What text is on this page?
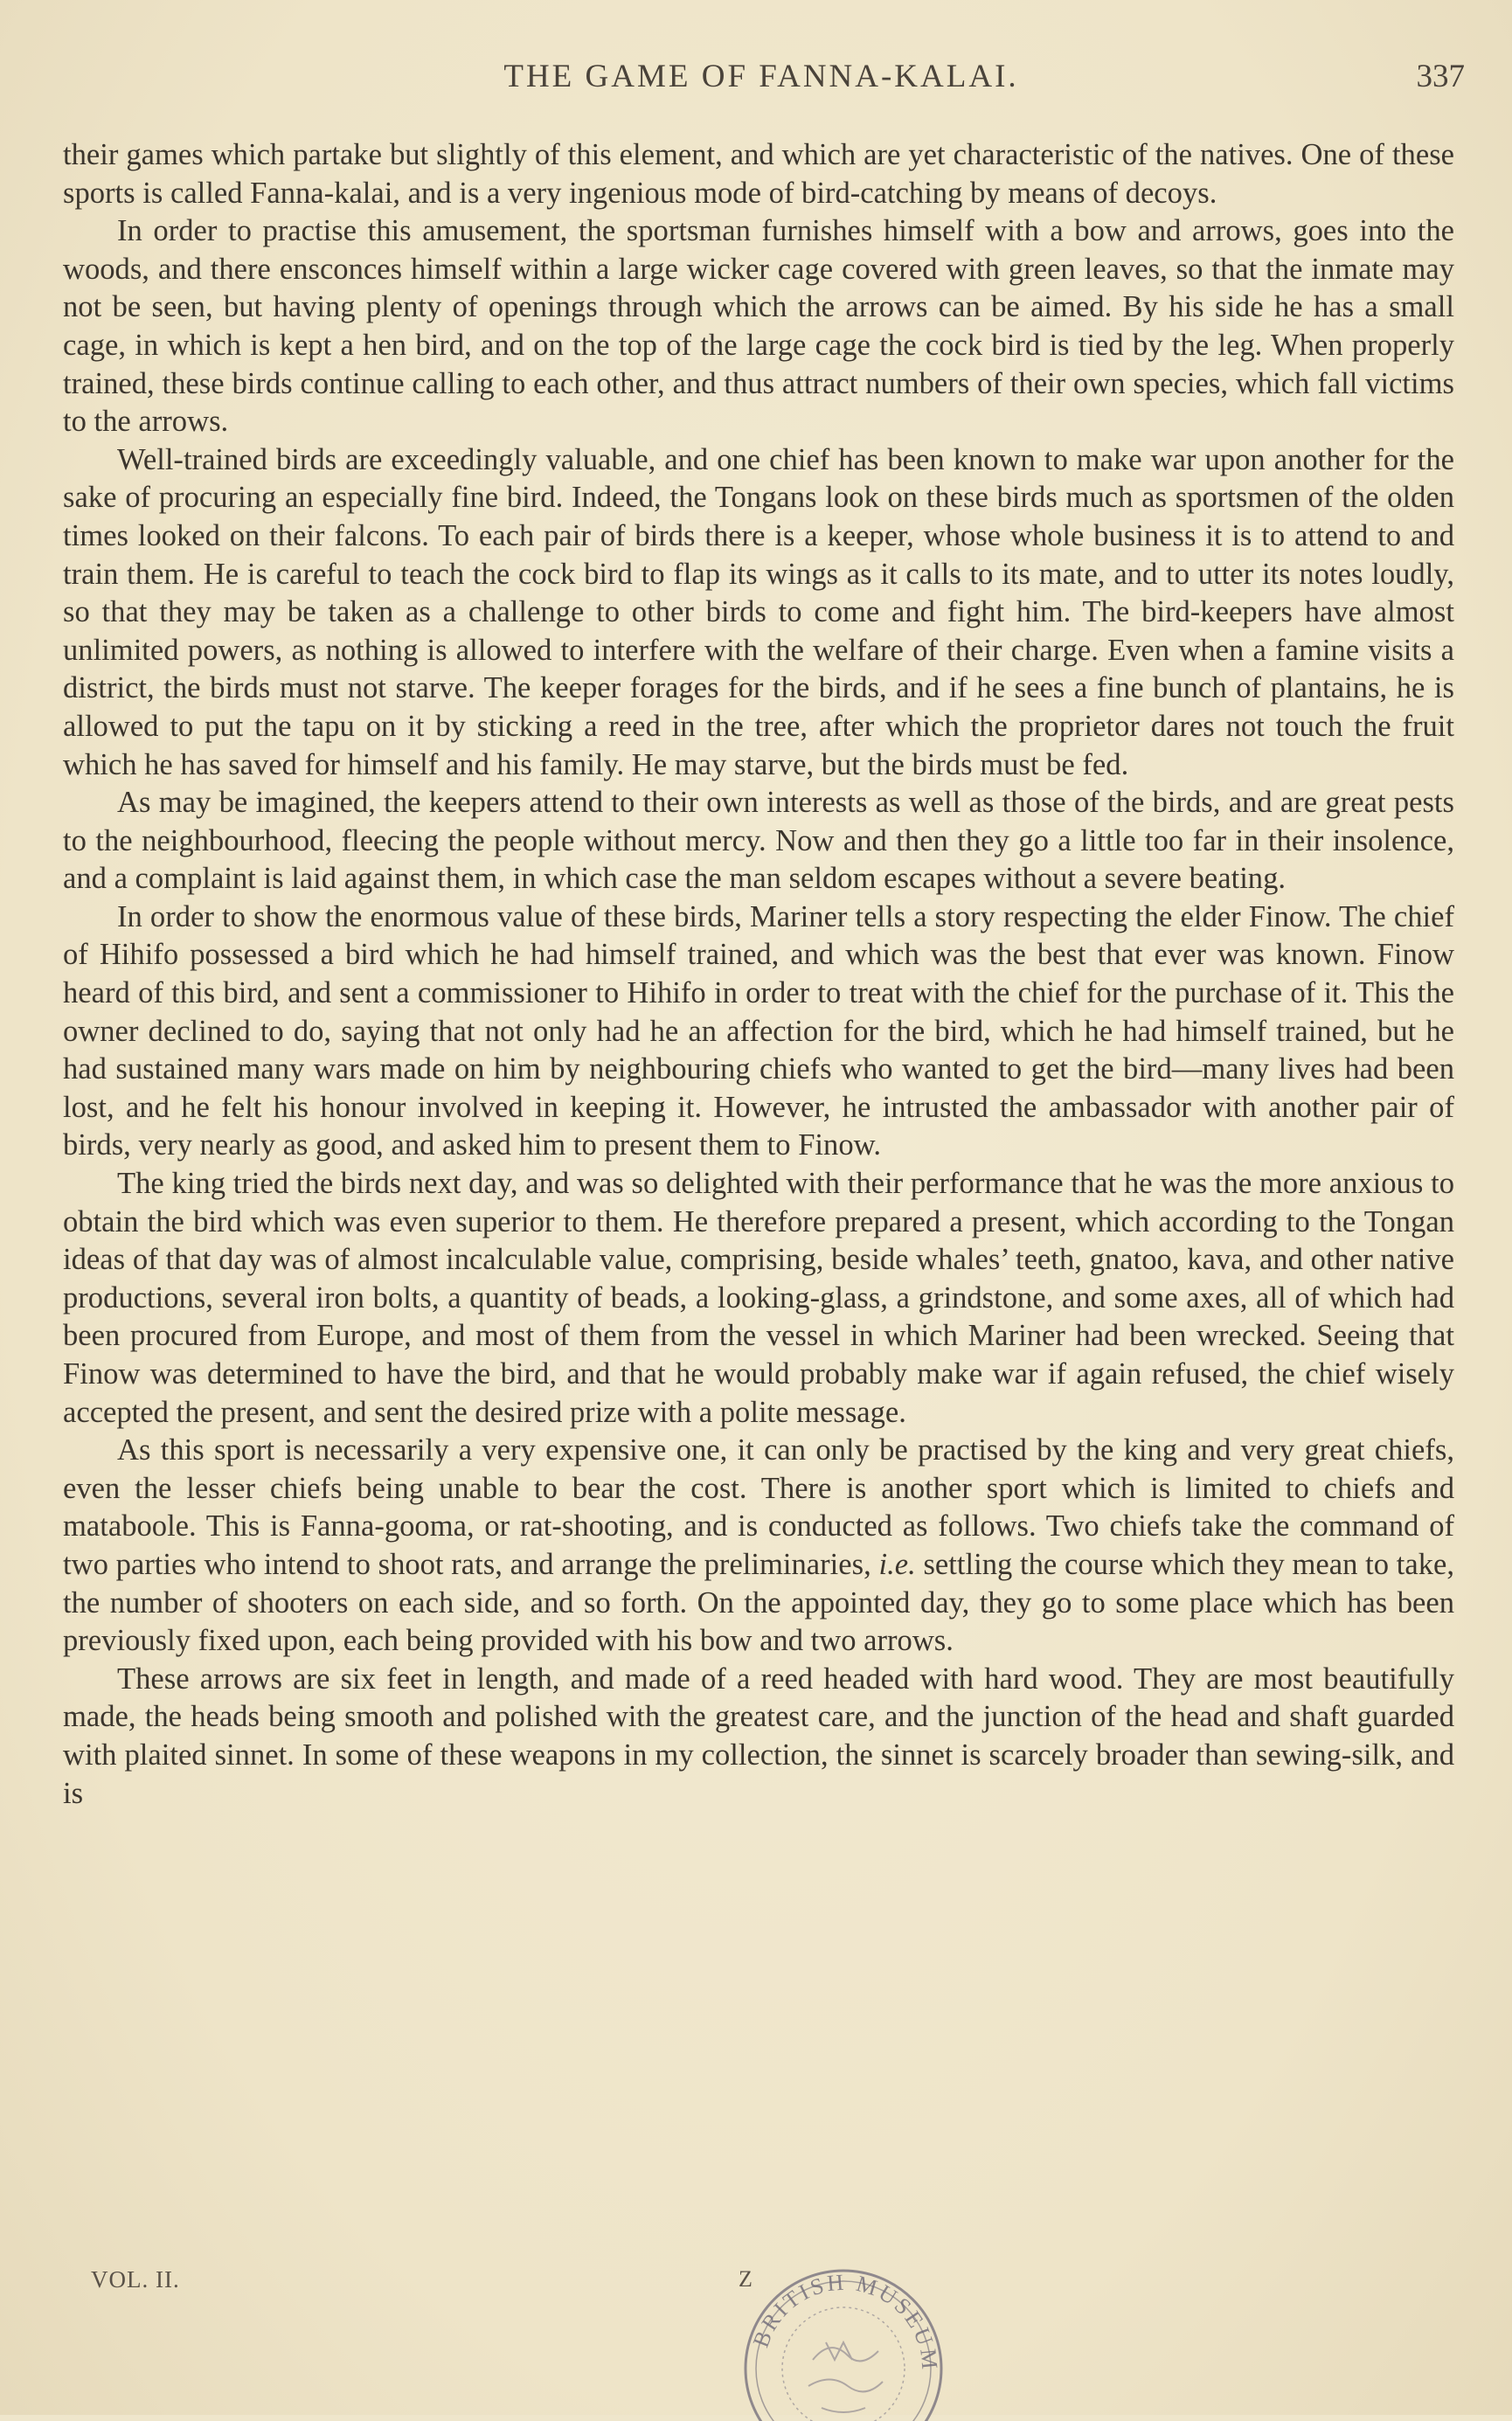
THE GAME OF FANNA-KALAI.	337

their games which partake but slightly of this element, and which are yet characteristic of the natives. One of these sports is called Fanna-kalai, and is a very ingenious mode of bird-catching by means of decoys.

In order to practise this amusement, the sportsman furnishes himself with a bow and arrows, goes into the woods, and there ensconces himself within a large wicker cage covered with green leaves, so that the inmate may not be seen, but having plenty of openings through which the arrows can be aimed. By his side he has a small cage, in which is kept a hen bird, and on the top of the large cage the cock bird is tied by the leg. When properly trained, these birds continue calling to each other, and thus attract numbers of their own species, which fall victims to the arrows.

Well-trained birds are exceedingly valuable, and one chief has been known to make war upon another for the sake of procuring an especially fine bird. Indeed, the Tongans look on these birds much as sportsmen of the olden times looked on their falcons. To each pair of birds there is a keeper, whose whole business it is to attend to and train them. He is careful to teach the cock bird to flap its wings as it calls to its mate, and to utter its notes loudly, so that they may be taken as a challenge to other birds to come and fight him. The bird-keepers have almost unlimited powers, as nothing is allowed to interfere with the welfare of their charge. Even when a famine visits a district, the birds must not starve. The keeper forages for the birds, and if he sees a fine bunch of plantains, he is allowed to put the tapu on it by sticking a reed in the tree, after which the proprietor dares not touch the fruit which he has saved for himself and his family. He may starve, but the birds must be fed.

As may be imagined, the keepers attend to their own interests as well as those of the birds, and are great pests to the neighbourhood, fleecing the people without mercy. Now and then they go a little too far in their insolence, and a complaint is laid against them, in which case the man seldom escapes without a severe beating.

In order to show the enormous value of these birds, Mariner tells a story respecting the elder Finow. The chief of Hihifo possessed a bird which he had himself trained, and which was the best that ever was known. Finow heard of this bird, and sent a commissioner to Hihifo in order to treat with the chief for the purchase of it. This the owner declined to do, saying that not only had he an affection for the bird, which he had himself trained, but he had sustained many wars made on him by neighbouring chiefs who wanted to get the bird—many lives had been lost, and he felt his honour involved in keeping it. However, he intrusted the ambassador with another pair of birds, very nearly as good, and asked him to present them to Finow.

The king tried the birds next day, and was so delighted with their performance that he was the more anxious to obtain the bird which was even superior to them. He therefore prepared a present, which according to the Tongan ideas of that day was of almost incalculable value, comprising, beside whales’ teeth, gnatoo, kava, and other native productions, several iron bolts, a quantity of beads, a looking-glass, a grindstone, and some axes, all of which had been procured from Europe, and most of them from the vessel in which Mariner had been wrecked. Seeing that Finow was determined to have the bird, and that he would probably make war if again refused, the chief wisely accepted the present, and sent the desired prize with a polite message.

As this sport is necessarily a very expensive one, it can only be practised by the king and very great chiefs, even the lesser chiefs being unable to bear the cost. There is another sport which is limited to chiefs and mataboole. This is Fanna-gooma, or rat-shooting, and is conducted as follows. Two chiefs take the command of two parties who intend to shoot rats, and arrange the preliminaries, i.e. settling the course which they mean to take, the number of shooters on each side, and so forth. On the appointed day, they go to some place which has been previously fixed upon, each being provided with his bow and two arrows.

These arrows are six feet in length, and made of a reed headed with hard wood. They are most beautifully made, the heads being smooth and polished with the greatest care, and the junction of the head and shaft guarded with plaited sinnet. In some of these weapons in my collection, the sinnet is scarcely broader than sewing-silk, and is

VOL. II.	Z
BRITISH MUSEUM
